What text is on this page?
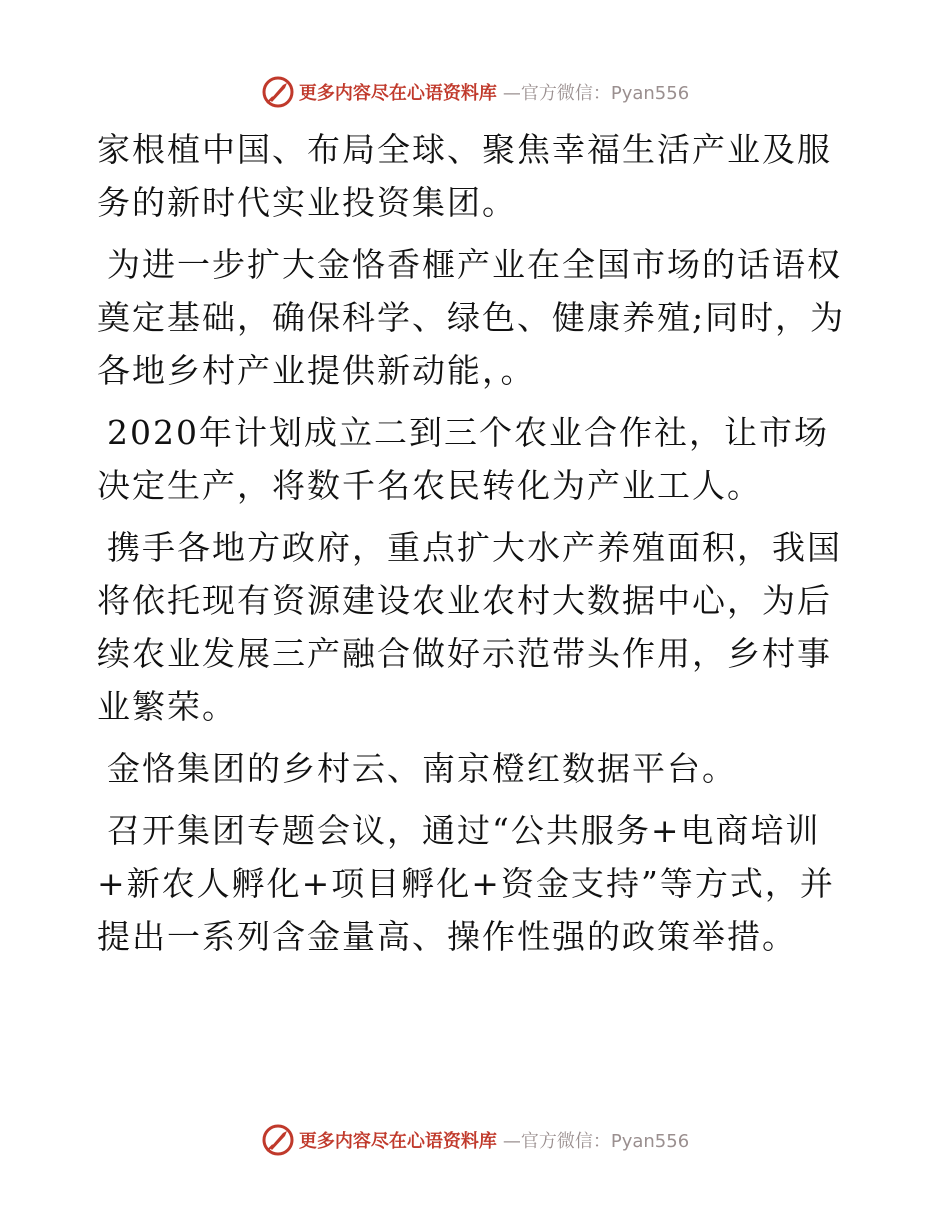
更多内容尽在心语资料库 —官方微信：Pyan556

家根植中国、布局全球、聚焦幸福生活产业及服务的新时代实业投资集团。

为进一步扩大金恪香榧产业在全国市场的话语权奠定基础，确保科学、绿色、健康养殖;同时，为各地乡村产业提供新动能，。

2020年计划成立二到三个农业合作社，让市场决定生产，将数千名农民转化为产业工人。

携手各地方政府，重点扩大水产养殖面积，我国将依托现有资源建设农业农村大数据中心，为后续农业发展三产融合做好示范带头作用，乡村事业繁荣。

金恪集团的乡村云、南京橙红数据平台。

召开集团专题会议，通过“公共服务+电商培训+新农人孵化+项目孵化+资金支持”等方式，并提出一系列含金量高、操作性强的政策举措。

更多内容尽在心语资料库 —官方微信：Pyan556
